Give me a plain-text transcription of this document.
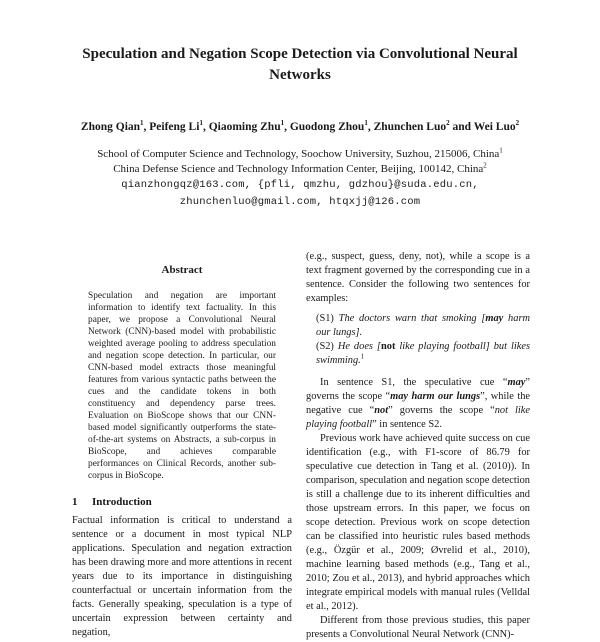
Speculation and Negation Scope Detection via Convolutional Neural Networks
Zhong Qian$^1$, Peifeng Li$^1$, Qiaoming Zhu$^1$, Guodong Zhou$^1$, Zhunchen Luo$^2$ and Wei Luo$^2$
School of Computer Science and Technology, Soochow University, Suzhou, 215006, China$^1$
China Defense Science and Technology Information Center, Beijing, 100142, China$^2$
qianzhongqz@163.com, {pfli, qmzhu, gdzhou}@suda.edu.cn,
zhunchenluo@gmail.com, htqxjj@126.com
Abstract

Speculation and negation are important information to identify text factuality. In this paper, we propose a Convolutional Neural Network (CNN)-based model with probabilistic weighted average pooling to address speculation and negation scope detection. In particular, our CNN-based model extracts those meaningful features from various syntactic paths between the cues and the candidate tokens in both constituency and dependency parse trees. Evaluation on BioScope shows that our CNN-based model significantly outperforms the state-of-the-art systems on Abstracts, a sub-corpus in BioScope, and achieves comparable performances on Clinical Records, another sub-corpus in BioScope.

1 Introduction

Factual information is critical to understand a sentence or a document in most typical NLP applications. Speculation and negation extraction has been drawing more and more attentions in recent years due to its importance in distinguishing counterfactual or uncertain information from the facts. Generally speaking, speculation is a type of uncertain expression between certainty and negation,

(e.g., suspect, guess, deny, not), while a scope is a text fragment governed by the corresponding cue in a sentence. Consider the following two sentences for examples:

(S1) The doctors warn that smoking [may harm our lungs].

(S2) He does [not like playing football] but likes swimming.$^1$

In sentence S1, the speculative cue “may” governs the scope “may harm our lungs”, while the negative cue “not” governs the scope “not like playing football” in sentence S2.

Previous work have achieved quite success on cue identification (e.g., with F1-score of 86.79 for speculative cue detection in Tang et al. (2010)). In comparison, speculation and negation scope detection is still a challenge due to its inherent difficulties and those upstream errors. In this paper, we focus on scope detection. Previous work on scope detection can be classified into heuristic rules based methods (e.g., Özgür et al., 2009; Øvrelid et al., 2010), machine learning based methods (e.g., Tang et al., 2010; Zou et al., 2013), and hybrid approaches which integrate empirical models with manual rules (Velldal et al., 2012).

Different from those previous studies, this paper presents a Convolutional Neural Network (CNN)-
